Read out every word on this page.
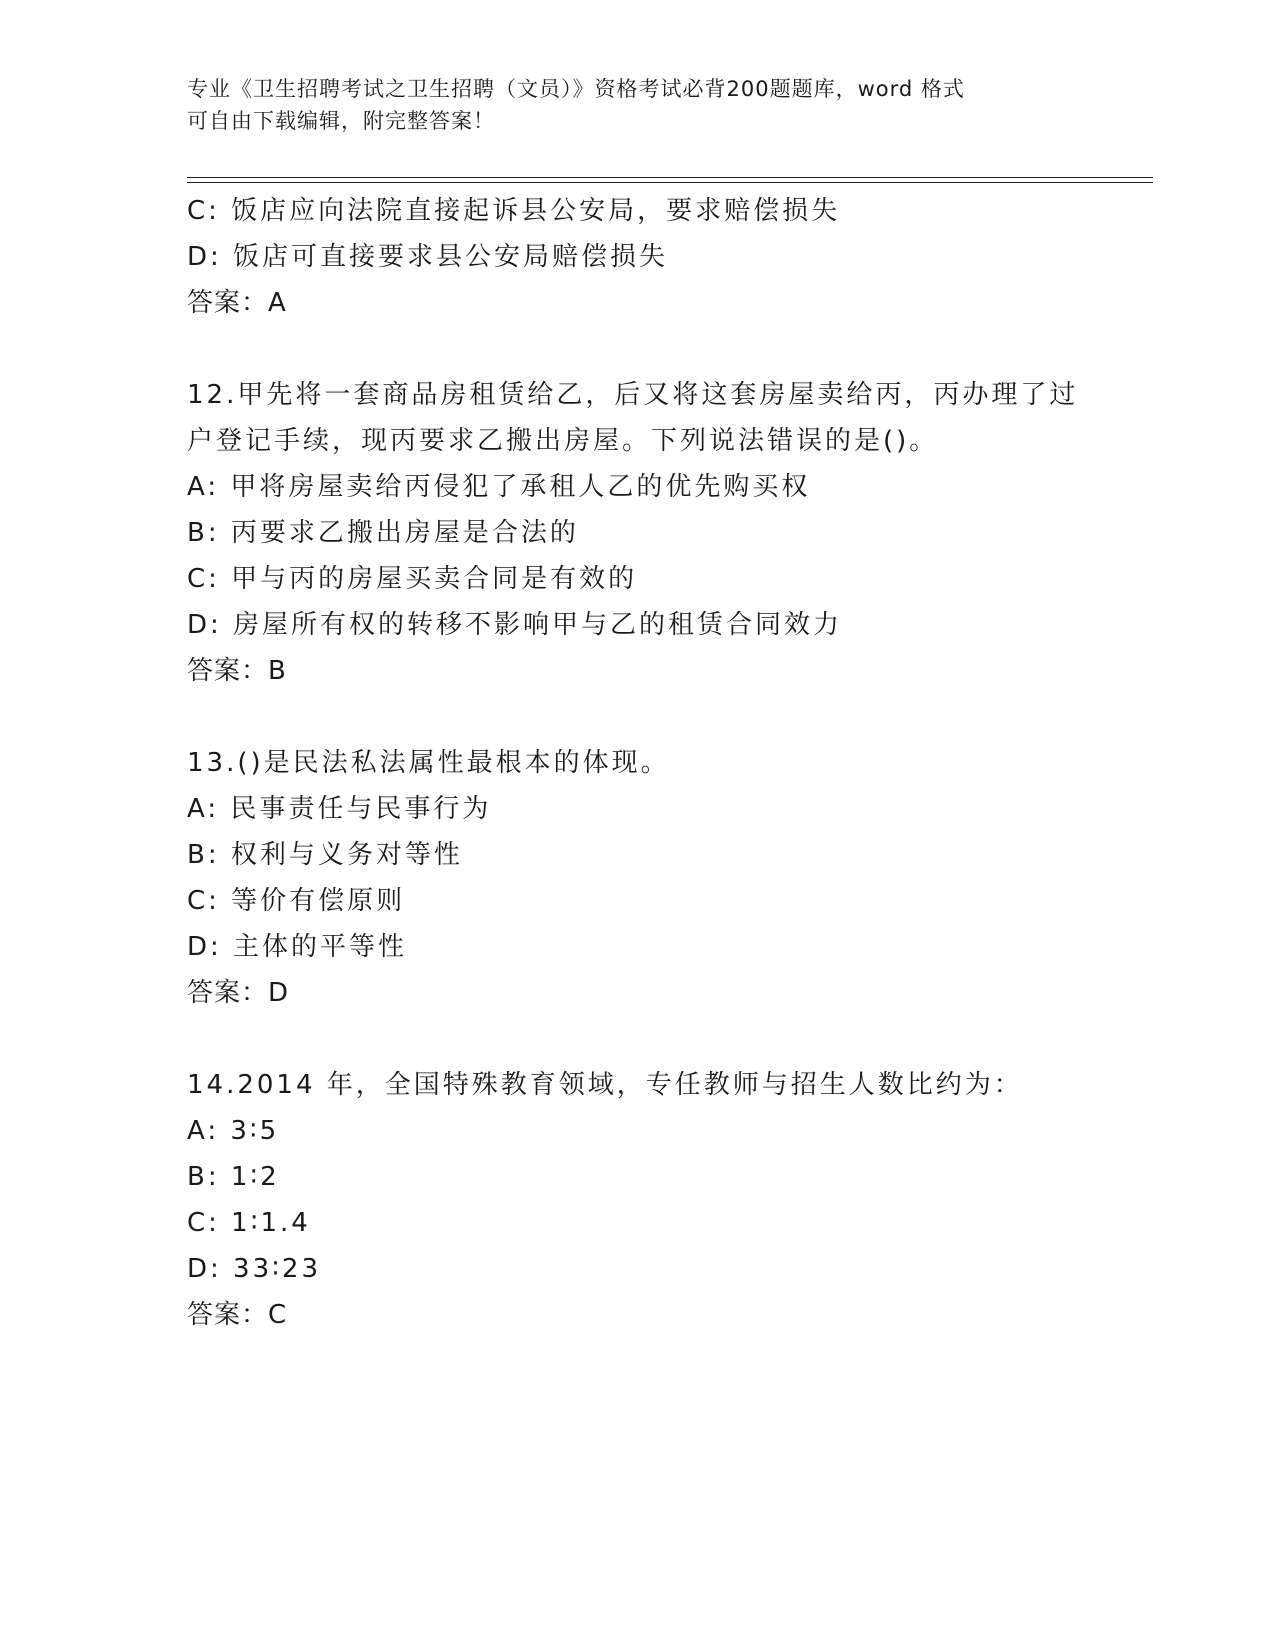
专业《卫生招聘考试之卫生招聘（文员）》资格考试必背200题题库，word 格式
可自由下载编辑，附完整答案！
C: 饭店应向法院直接起诉县公安局，要求赔偿损失
D: 饭店可直接要求县公安局赔偿损失
答案：A
12.甲先将一套商品房租赁给乙，后又将这套房屋卖给丙，丙办理了过
户登记手续，现丙要求乙搬出房屋。下列说法错误的是()。
A: 甲将房屋卖给丙侵犯了承租人乙的优先购买权
B: 丙要求乙搬出房屋是合法的
C: 甲与丙的房屋买卖合同是有效的
D: 房屋所有权的转移不影响甲与乙的租赁合同效力
答案：B
13.()是民法私法属性最根本的体现。
A: 民事责任与民事行为
B: 权利与义务对等性
C: 等价有偿原则
D: 主体的平等性
答案：D
14.2014 年，全国特殊教育领域，专任教师与招生人数比约为：
A: 3∶5
B: 1∶2
C: 1∶1.4
D: 33∶23
答案：C
